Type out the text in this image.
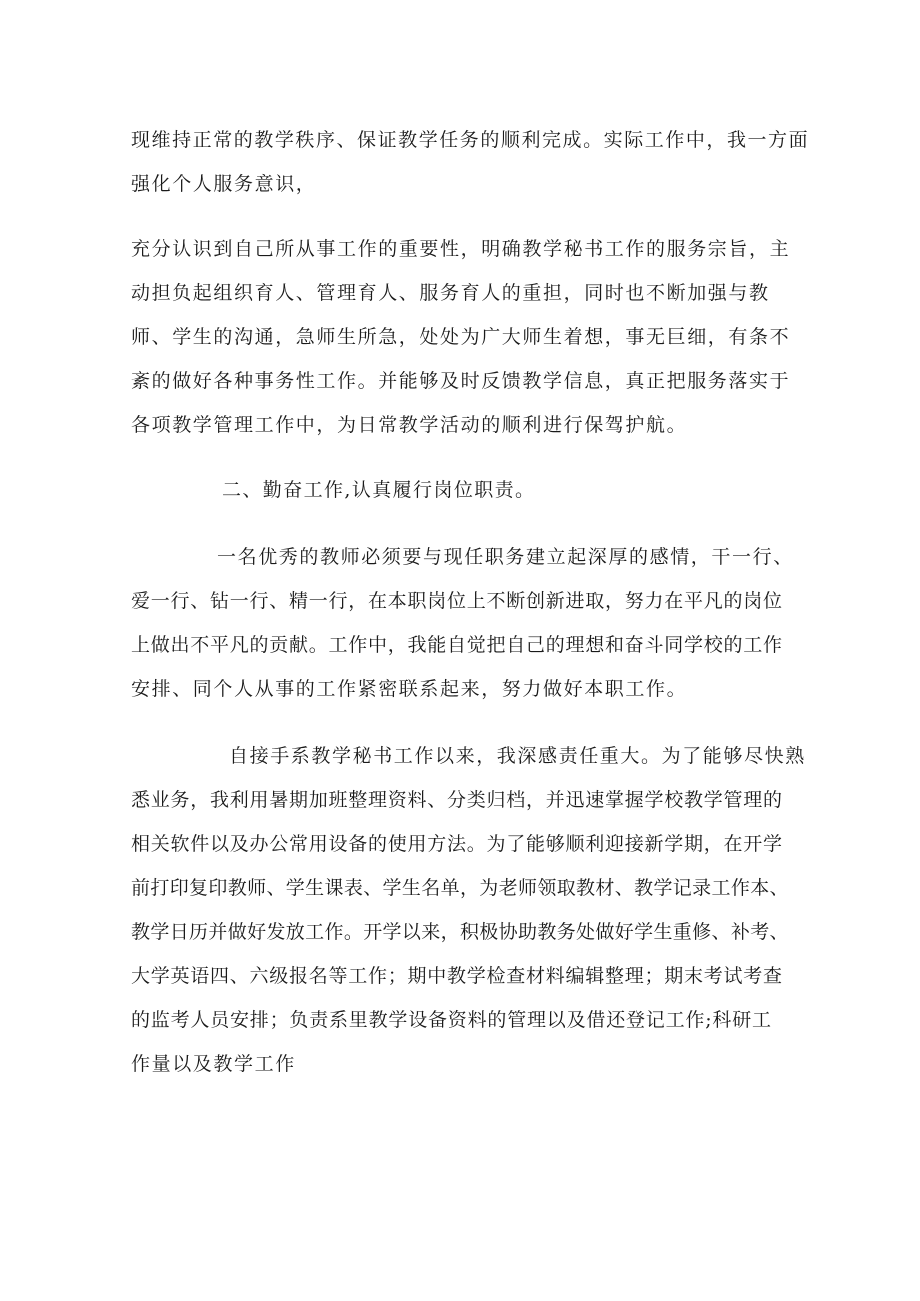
现维持正常的教学秩序、保证教学任务的顺利完成。实际工作中，我一方面
强化个人服务意识，
充分认识到自己所从事工作的重要性，明确教学秘书工作的服务宗旨，主
动担负起组织育人、管理育人、服务育人的重担，同时也不断加强与教
师、学生的沟通，急师生所急，处处为广大师生着想，事无巨细，有条不
紊的做好各种事务性工作。并能够及时反馈教学信息，真正把服务落实于
各项教学管理工作中，为日常教学活动的顺利进行保驾护航。
二、勤奋工作,认真履行岗位职责。
一名优秀的教师必须要与现任职务建立起深厚的感情，干一行、
爱一行、钻一行、精一行，在本职岗位上不断创新进取，努力在平凡的岗位
上做出不平凡的贡献。工作中，我能自觉把自己的理想和奋斗同学校的工作
安排、同个人从事的工作紧密联系起来，努力做好本职工作。
自接手系教学秘书工作以来，我深感责任重大。为了能够尽快熟
悉业务，我利用暑期加班整理资料、分类归档，并迅速掌握学校教学管理的
相关软件以及办公常用设备的使用方法。为了能够顺利迎接新学期，在开学
前打印复印教师、学生课表、学生名单，为老师领取教材、教学记录工作本、
教学日历并做好发放工作。开学以来，积极协助教务处做好学生重修、补考、
大学英语四、六级报名等工作；期中教学检查材料编辑整理；期末考试考查
的监考人员安排；负责系里教学设备资料的管理以及借还登记工作;科研工
作量以及教学工作
